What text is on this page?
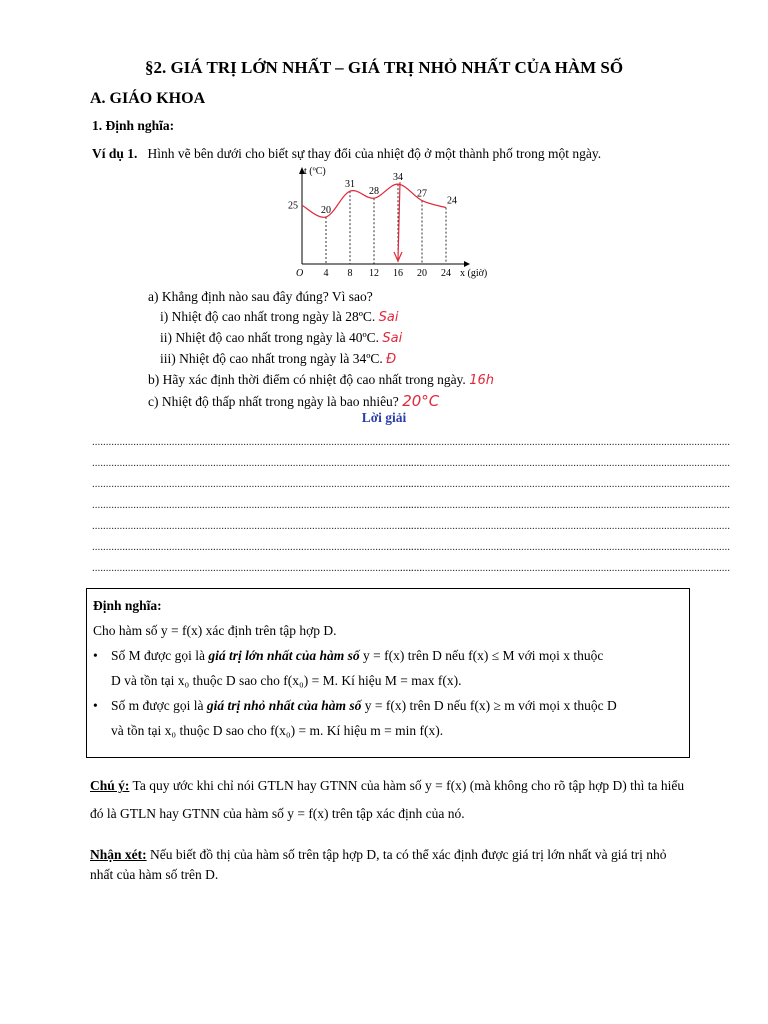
§2. GIÁ TRỊ LỚN NHẤT – GIÁ TRỊ NHỎ NHẤT CỦA HÀM SỐ
A. GIÁO KHOA
1. Định nghĩa:
Ví dụ 1. Hình vẽ bên dưới cho biết sự thay đổi của nhiệt độ ở một thành phố trong một ngày.
O
t (ºC)
x (giờ)
4 8 12 16 20 24
25 20
31
28
34
27
24
a) Khẳng định nào sau đây đúng? Vì sao?
i) Nhiệt độ cao nhất trong ngày là 28ºC. Sai
ii) Nhiệt độ cao nhất trong ngày là 40ºC. Sai
iii) Nhiệt độ cao nhất trong ngày là 34ºC. Đ
b) Hãy xác định thời điểm có nhiệt độ cao nhất trong ngày. 16h
c) Nhiệt độ thấp nhất trong ngày là bao nhiêu? 20°C
Lời giải
........................................................................................................................
........................................................................................................................
........................................................................................................................
........................................................................................................................
........................................................................................................................
........................................................................................................................
........................................................................................................................
........................................................................................................................
........................................................................................................................
........................................................................................................................
........................................................................................................................
........................................................................................................................
........................................................................................................................
........................................................................................................................

Định nghĩa:

Cho hàm số y = f(x) xác định trên tập hợp D.

• Số M được gọi là giá trị lớn nhất của hàm số y = f(x) trên D nếu f(x) ≤ M với mọi x thuộc
D và tồn tại x₀ thuộc D sao cho f(x₀) = M. Kí hiệu M = max f(x).
• Số m được gọi là giá trị nhỏ nhất của hàm số y = f(x) trên D nếu f(x) ≥ m với mọi x thuộc D
và tồn tại x₀ thuộc D sao cho f(x₀) = m. Kí hiệu m = min f(x).
Chú ý: Ta quy ước khi chỉ nói GTLN hay GTNN của hàm số y = f(x) (mà không cho rõ tập hợp D) thì ta hiểu đó là GTLN hay GTNN của hàm số y = f(x) trên tập xác định của nó.
Nhận xét: Nếu biết đồ thị của hàm số trên tập hợp D, ta có thể xác định được giá trị lớn nhất và giá trị nhỏ nhất của hàm số trên D.
